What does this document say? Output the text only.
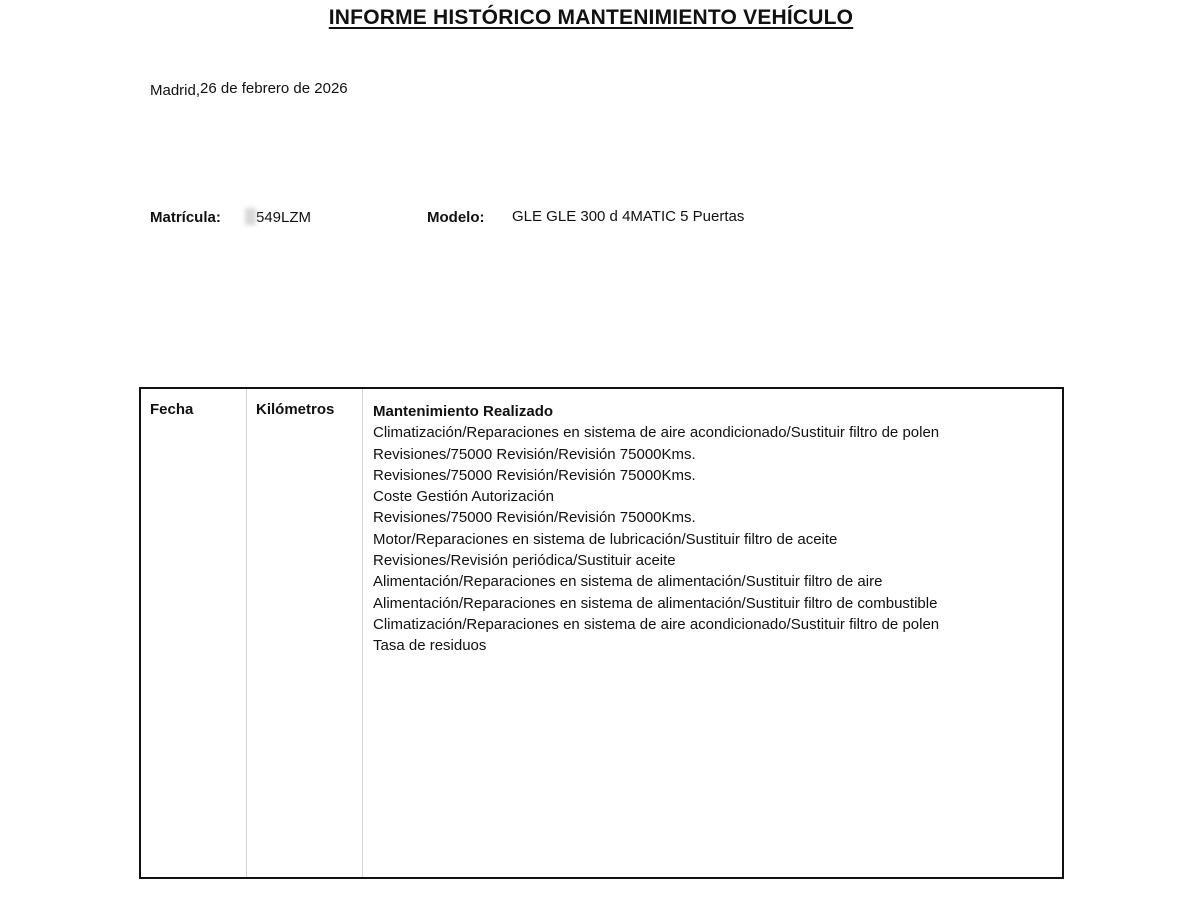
INFORME HISTÓRICO MANTENIMIENTO VEHÍCULO
Madrid,26 de febrero de 2026
Matrícula:	549LZM	Modelo: GLE GLE 300 d 4MATIC 5 Puertas
Fecha	Kilómetros	Mantenimiento Realizado
Climatización/Reparaciones en sistema de aire acondicionado/Sustituir filtro de polen
Revisiones/75000 Revisión/Revisión 75000Kms.
Revisiones/75000 Revisión/Revisión 75000Kms.
Coste Gestión Autorización
Revisiones/75000 Revisión/Revisión 75000Kms.
Motor/Reparaciones en sistema de lubricación/Sustituir filtro de aceite
Revisiones/Revisión periódica/Sustituir aceite
Alimentación/Reparaciones en sistema de alimentación/Sustituir filtro de aire
Alimentación/Reparaciones en sistema de alimentación/Sustituir filtro de combustible
Climatización/Reparaciones en sistema de aire acondicionado/Sustituir filtro de polen
Tasa de residuos
